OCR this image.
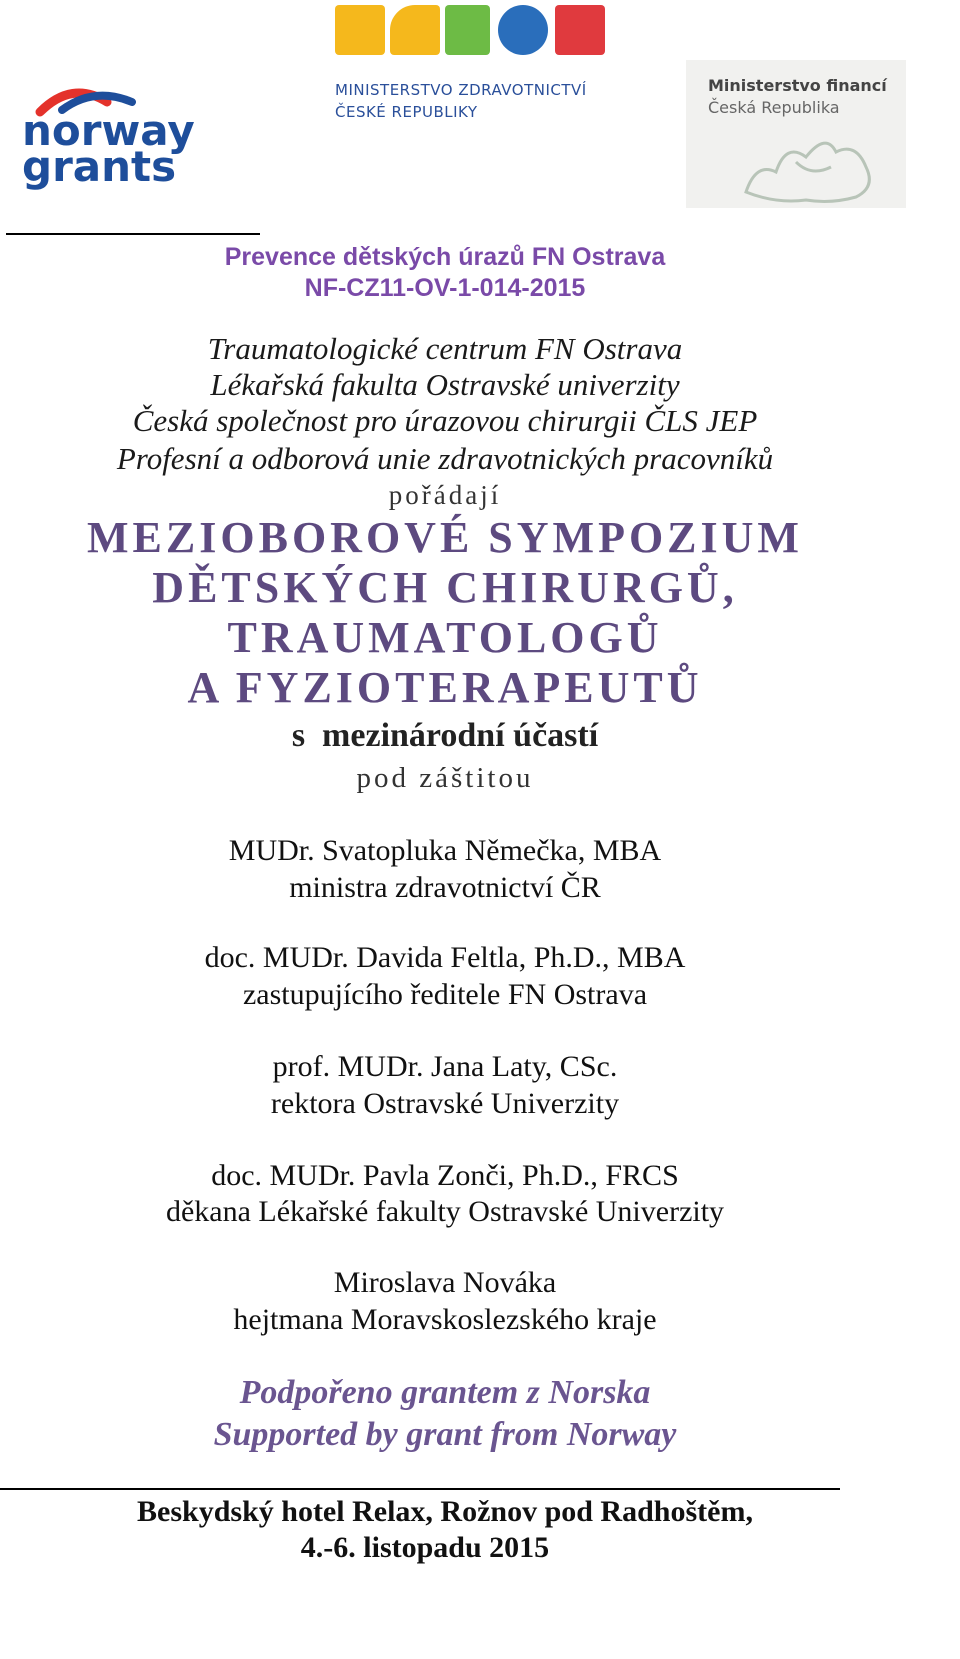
norway
grants
MINISTERSTVO ZDRAVOTNICTVÍ
ČESKÉ REPUBLIKY
Ministerstvo financí
Česká Republika
Prevence dětských úrazů FN Ostrava
NF-CZ11-OV-1-014-2015
Traumatologické centrum FN Ostrava
Lékařská fakulta Ostravské univerzity
Česká společnost pro úrazovou chirurgii ČLS JEP
Profesní a odborová unie zdravotnických pracovníků
pořádají
MEZIOBOROVÉ SYMPOZIUM
DĚTSKÝCH CHIRURGŮ,
TRAUMATOLOGŮ
A FYZIOTERAPEUTŮ
s  mezinárodní účastí
pod záštitou
MUDr. Svatopluka Němečka, MBA
ministra zdravotnictví ČR
doc. MUDr. Davida Feltla, Ph.D., MBA
zastupujícího ředitele FN Ostrava
prof. MUDr. Jana Laty, CSc.
rektora Ostravské Univerzity
doc. MUDr. Pavla Zonči, Ph.D., FRCS
děkana Lékařské fakulty Ostravské Univerzity
Miroslava Nováka
hejtmana Moravskoslezského kraje
Podpořeno grantem z Norska
Supported by grant from Norway
Beskydský hotel Relax, Rožnov pod Radhoštěm,
4.-6. listopadu 2015
